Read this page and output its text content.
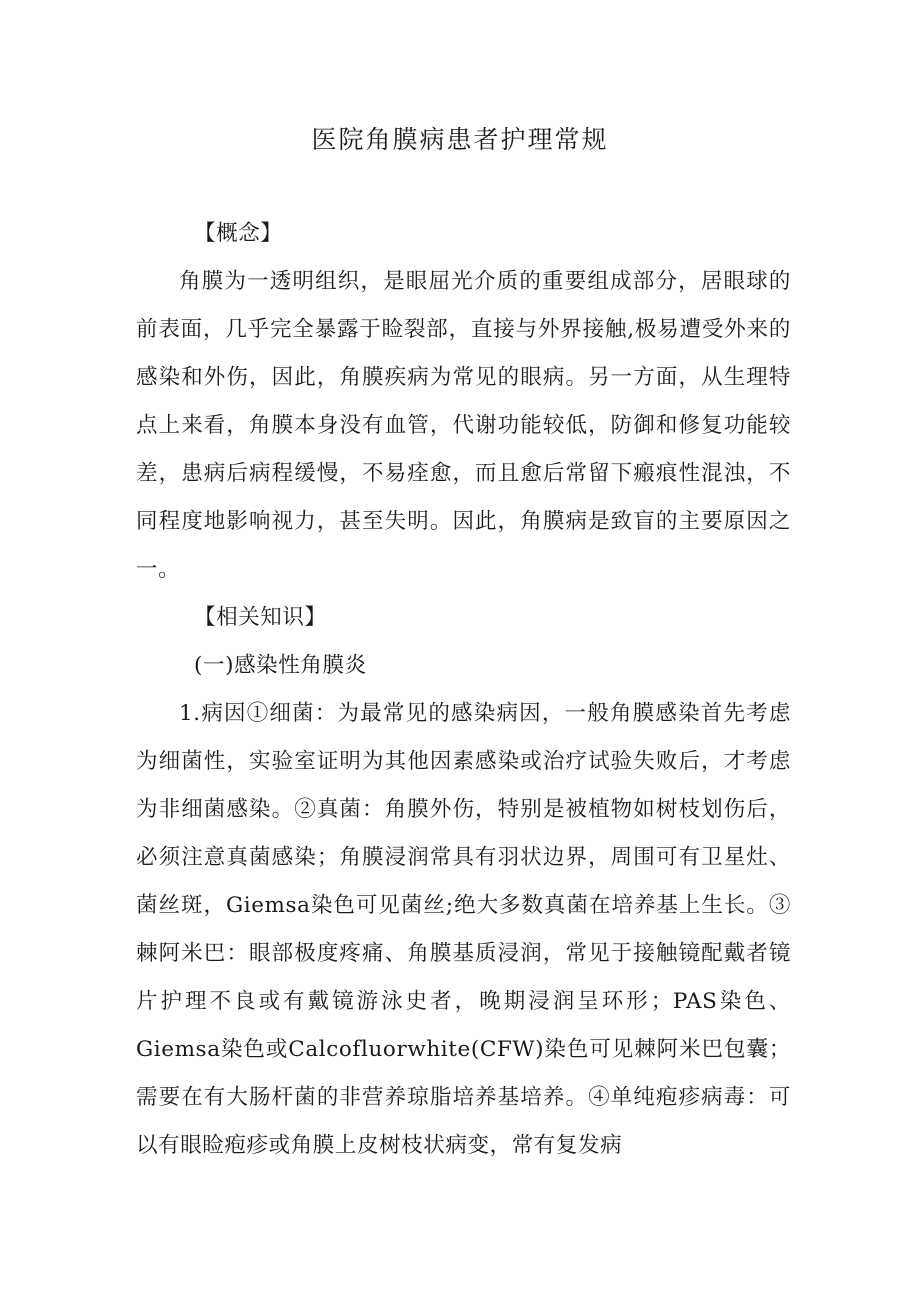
医院角膜病患者护理常规

【概念】

角膜为一透明组织，是眼屈光介质的重要组成部分，居眼球的前表面，几乎完全暴露于睑裂部，直接与外界接触,极易遭受外来的感染和外伤，因此，角膜疾病为常见的眼病。另一方面，从生理特点上来看，角膜本身没有血管，代谢功能较低，防御和修复功能较差，患病后病程缓慢，不易痊愈，而且愈后常留下瘢痕性混浊，不同程度地影响视力，甚至失明。因此，角膜病是致盲的主要原因之一。

【相关知识】

(一)感染性角膜炎

1.病因①细菌：为最常见的感染病因，一般角膜感染首先考虑为细菌性，实验室证明为其他因素感染或治疗试验失败后，才考虑为非细菌感染。②真菌：角膜外伤，特别是被植物如树枝划伤后，必须注意真菌感染；角膜浸润常具有羽状边界，周围可有卫星灶、菌丝斑，Giemsa染色可见菌丝;绝大多数真菌在培养基上生长。③棘阿米巴：眼部极度疼痛、角膜基质浸润，常见于接触镜配戴者镜片护理不良或有戴镜游泳史者，晚期浸润呈环形；PAS染色、Giemsa染色或Calcofluorwhite(CFW)染色可见棘阿米巴包囊；需要在有大肠杆菌的非营养琼脂培养基培养。④单纯疱疹病毒：可以有眼睑疱疹或角膜上皮树枝状病变，常有复发病
